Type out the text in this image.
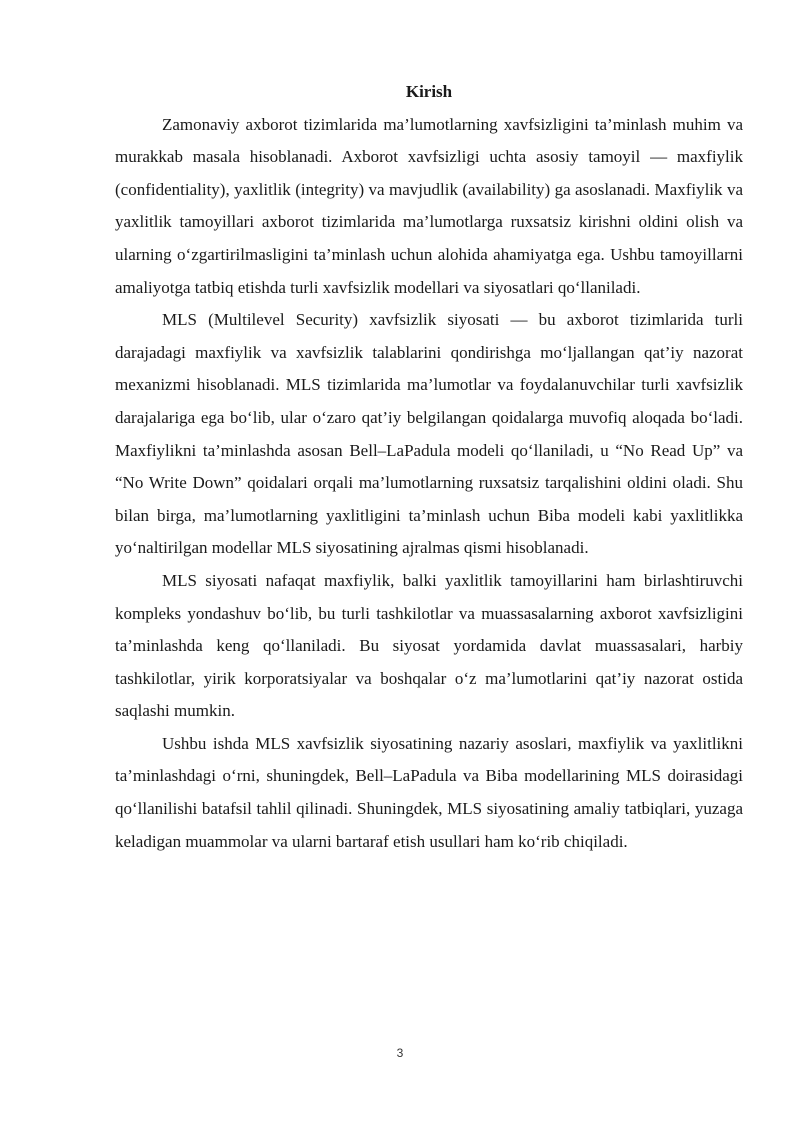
Kirish

Zamonaviy axborot tizimlarida ma’lumotlarning xavfsizligini ta’minlash muhim va murakkab masala hisoblanadi. Axborot xavfsizligi uchta asosiy tamoyil — maxfiylik (confidentiality), yaxlitlik (integrity) va mavjudlik (availability) ga asoslanadi. Maxfiylik va yaxlitlik tamoyillari axborot tizimlarida ma’lumotlarga ruxsatsiz kirishni oldini olish va ularning o‘zgartirilmasligini ta’minlash uchun alohida ahamiyatga ega. Ushbu tamoyillarni amaliyotga tatbiq etishda turli xavfsizlik modellari va siyosatlari qo‘llaniladi.

MLS (Multilevel Security) xavfsizlik siyosati — bu axborot tizimlarida turli darajadagi maxfiylik va xavfsizlik talablarini qondirishga mo‘ljallangan qat’iy nazorat mexanizmi hisoblanadi. MLS tizimlarida ma’lumotlar va foydalanuvchilar turli xavfsizlik darajalariga ega bo‘lib, ular o‘zaro qat’iy belgilangan qoidalarga muvofiq aloqada bo‘ladi. Maxfiylikni ta’minlashda asosan Bell–LaPadula modeli qo‘llaniladi, u “No Read Up” va “No Write Down” qoidalari orqali ma’lumotlarning ruxsatsiz tarqalishini oldini oladi. Shu bilan birga, ma’lumotlarning yaxlitligini ta’minlash uchun Biba modeli kabi yaxlitlikka yo‘naltirilgan modellar MLS siyosatining ajralmas qismi hisoblanadi.

MLS siyosati nafaqat maxfiylik, balki yaxlitlik tamoyillarini ham birlashtiruvchi kompleks yondashuv bo‘lib, bu turli tashkilotlar va muassasalarning axborot xavfsizligini ta’minlashda keng qo‘llaniladi. Bu siyosat yordamida davlat muassasalari, harbiy tashkilotlar, yirik korporatsiyalar va boshqalar o‘z ma’lumotlarini qat’iy nazorat ostida saqlashi mumkin.

Ushbu ishda MLS xavfsizlik siyosatining nazariy asoslari, maxfiylik va yaxlitlikni ta’minlashdagi o‘rni, shuningdek, Bell–LaPadula va Biba modellarining MLS doirasidagi qo‘llanilishi batafsil tahlil qilinadi. Shuningdek, MLS siyosatining amaliy tatbiqlari, yuzaga keladigan muammolar va ularni bartaraf etish usullari ham ko‘rib chiqiladi.

3
